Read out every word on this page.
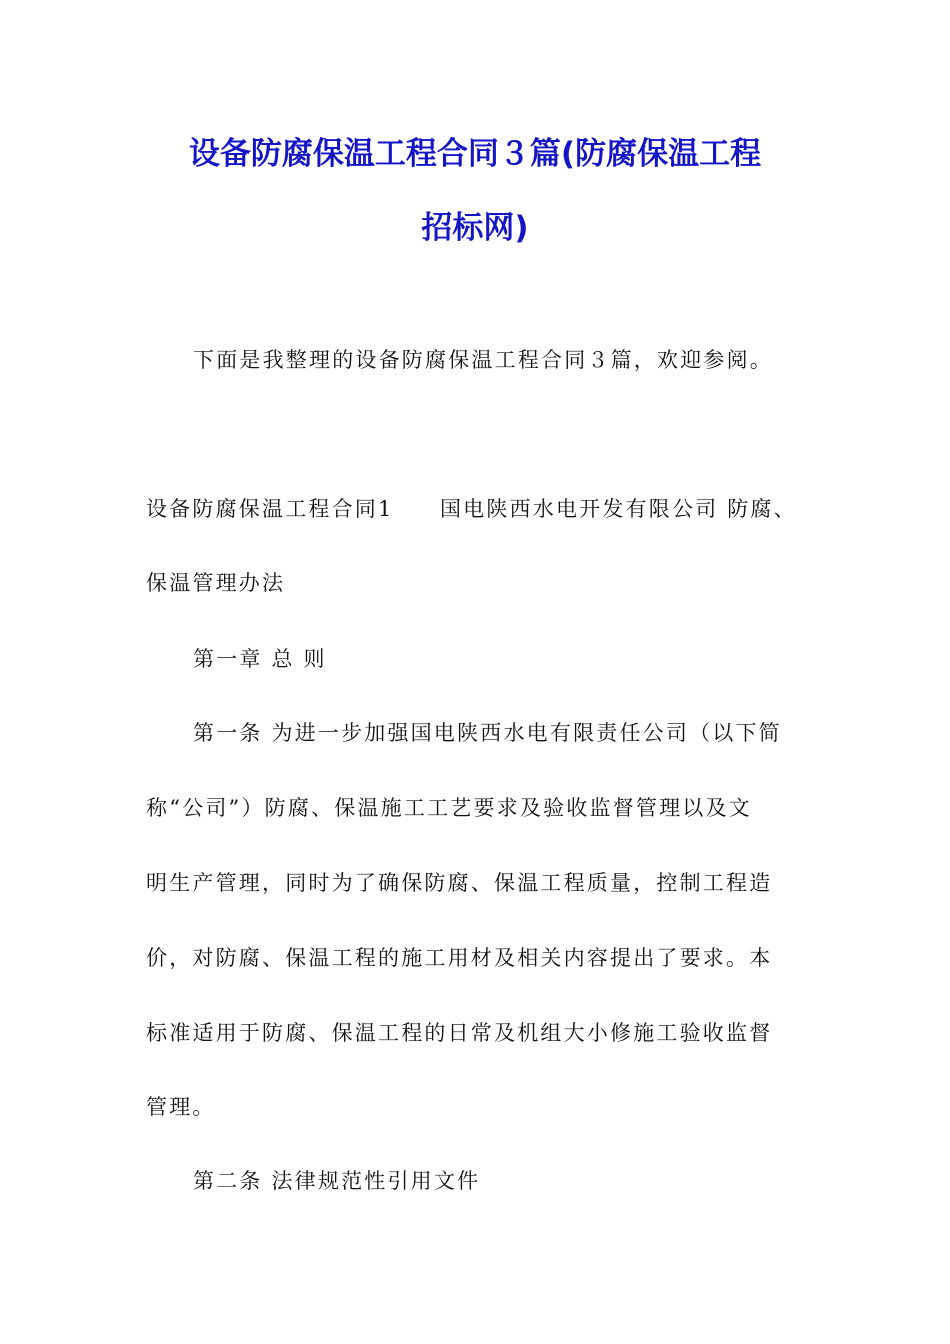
设备防腐保温工程合同３篇(防腐保温工程
招标网)
下面是我整理的设备防腐保温工程合同３篇，欢迎参阅。
设备防腐保温工程合同1　　国电陕西水电开发有限公司 防腐、
保温管理办法
第一章 总 则
第一条 为进一步加强国电陕西水电有限责任公司（以下简
称“公司”）防腐、保温施工工艺要求及验收监督管理以及文
明生产管理，同时为了确保防腐、保温工程质量，控制工程造
价，对防腐、保温工程的施工用材及相关内容提出了要求。本
标准适用于防腐、保温工程的日常及机组大小修施工验收监督
管理。
第二条 法律规范性引用文件
